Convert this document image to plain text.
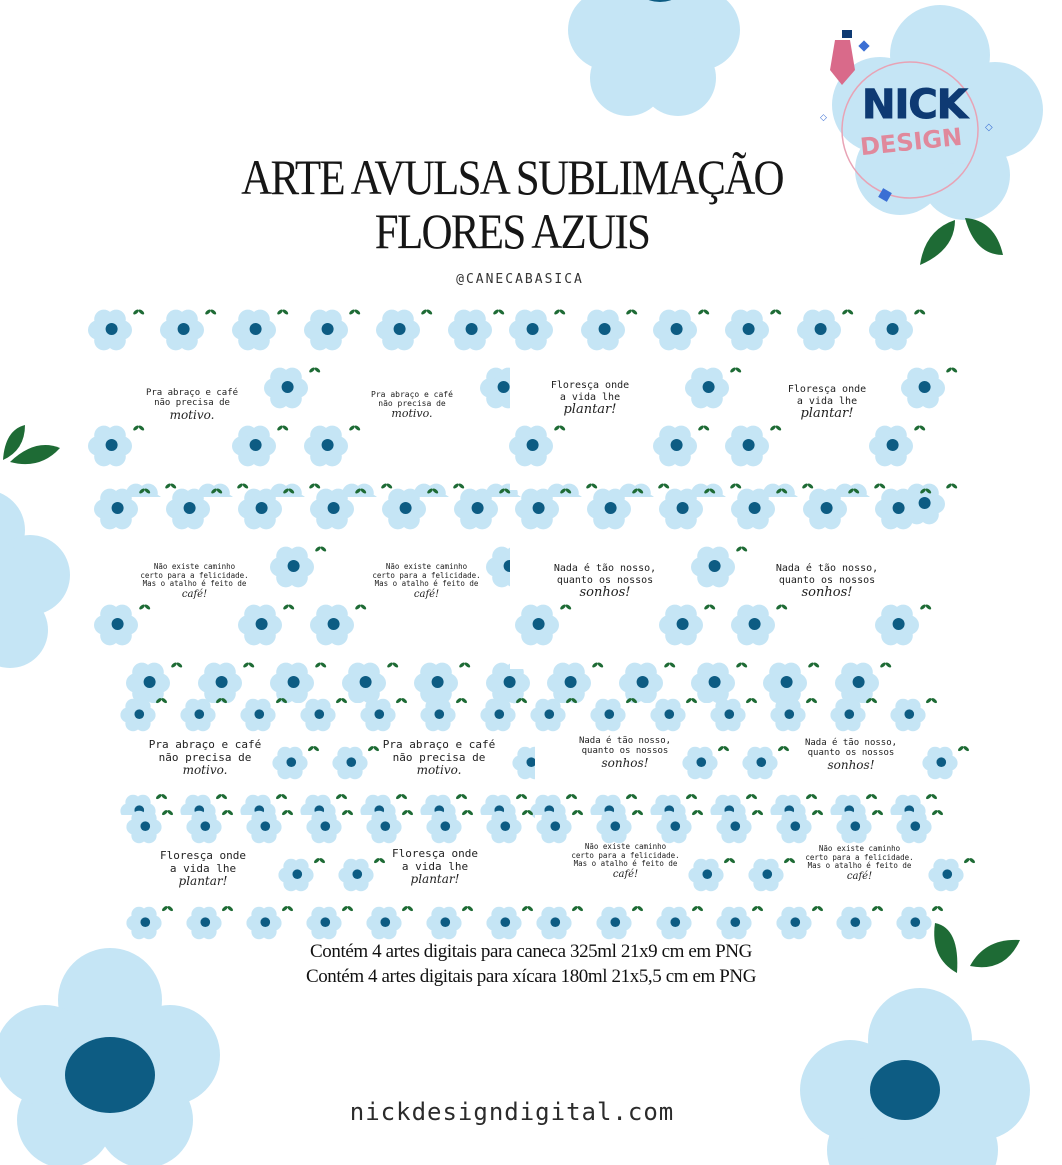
◇
◇ NICK
DESIGN
ARTE AVULSA SUBLIMAÇÃO
FLORES AZUIS
@CANECABASICA
Pra abraço e café
não precisa de
motivo.
Pra abraço e café
não precisa de
motivo.
Floresça onde
a vida lhe
plantar!
Floresça onde
a vida lhe
plantar!
Não existe caminho
certo para a felicidade.
Mas o atalho é feito de
café!
Não existe caminho
certo para a felicidade.
Mas o atalho é feito de
café!
Nada é tão nosso,
quanto os nossos
sonhos!
Nada é tão nosso,
quanto os nossos
sonhos!
Pra abraço e café
não precisa de
motivo.
Pra abraço e café
não precisa de
motivo.
Nada é tão nosso,
quanto os nossos
sonhos!
Nada é tão nosso,
quanto os nossos
sonhos!
Floresça onde
a vida lhe
plantar!
Floresça onde
a vida lhe
plantar!
Não existe caminho
certo para a felicidade.
Mas o atalho é feito de
café!
Não existe caminho
certo para a felicidade.
Mas o atalho é feito de
café!
Contém 4 artes digitais para caneca 325ml 21x9 cm em PNG
Contém 4 artes digitais para xícara 180ml 21x5,5 cm em PNG
nickdesigndigital.com
